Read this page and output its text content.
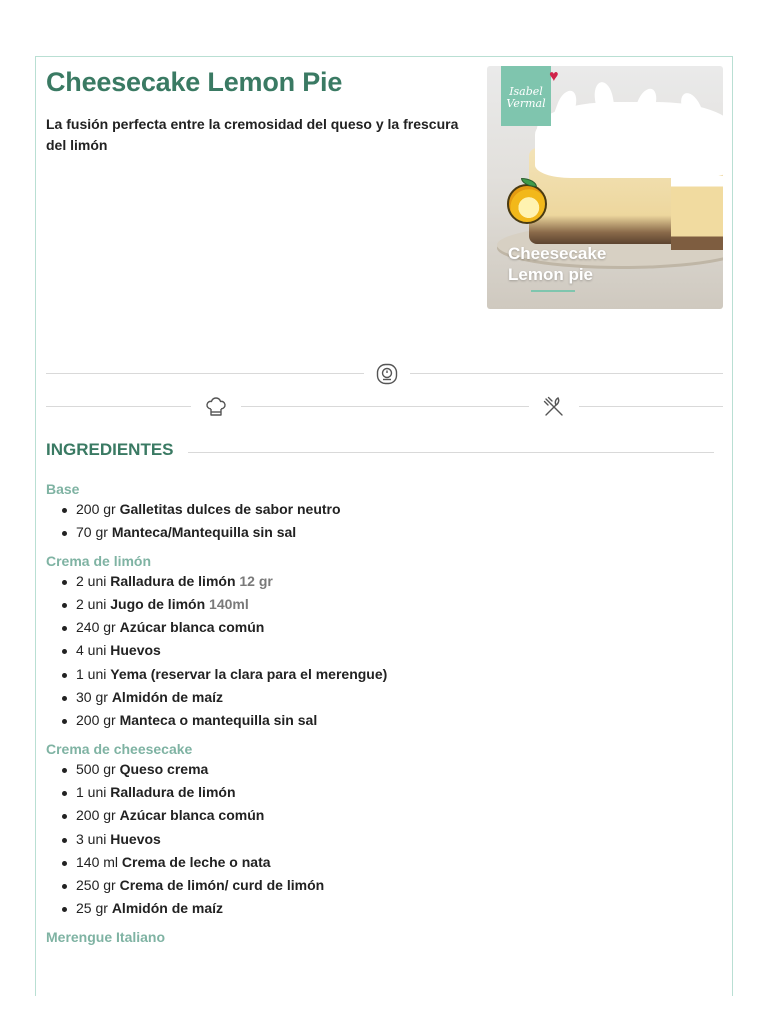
Cheesecake Lemon Pie

La fusión perfecta entre la cremosidad del queso y la frescura del limón

Isabel
Vermal
♥
Cheesecake
Lemon pie
INGREDIENTES
Base
200 gr Galletitas dulces de sabor neutro
70 gr Manteca/Mantequilla sin sal
Crema de limón
2 uni Ralladura de limón 12 gr
2 uni Jugo de limón 140ml
240 gr Azúcar blanca común
4 uni Huevos
1 uni Yema (reservar la clara para el merengue)
30 gr Almidón de maíz
200 gr Manteca o mantequilla sin sal
Crema de cheesecake
500 gr Queso crema
1 uni Ralladura de limón
200 gr Azúcar blanca común
3 uni Huevos
140 ml Crema de leche o nata
250 gr Crema de limón/ curd de limón
25 gr Almidón de maíz
Merengue Italiano
